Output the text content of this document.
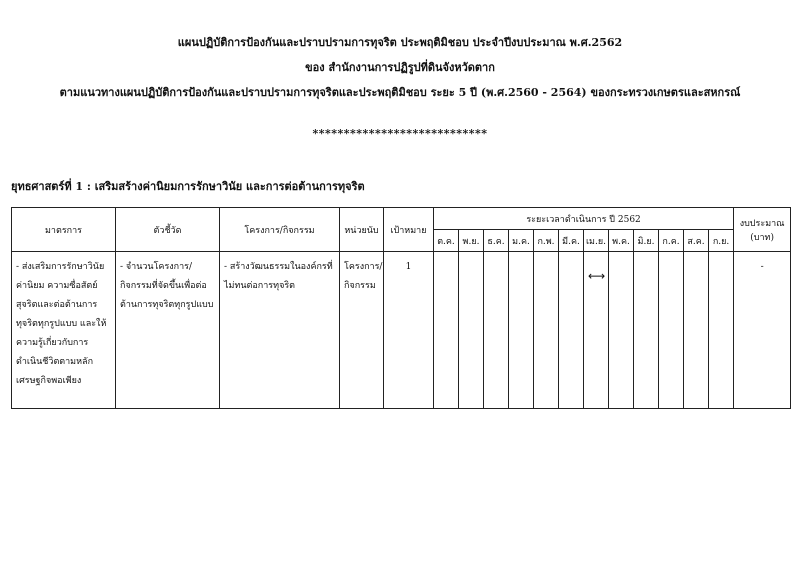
แผนปฏิบัติการป้องกันและปราบปรามการทุจริต ประพฤติมิชอบ ประจำปีงบประมาณ พ.ศ.2562
ของ สำนักงานการปฏิรูปที่ดินจังหวัดตาก
ตามแนวทางแผนปฏิบัติการป้องกันและปราบปรามการทุจริตและประพฤติมิชอบ ระยะ 5 ปี (พ.ศ.2560 - 2564) ของกระทรวงเกษตรและสหกรณ์
****************************
ยุทธศาสตร์ที่ 1 : เสริมสร้างค่านิยมการรักษาวินัย และการต่อต้านการทุจริต
มาตรการ	ตัวชี้วัด	โครงการ/กิจกรรม	หน่วยนับ	เป้าหมาย	ระยะเวลาดำเนินการ ปี 2562												งบประมาณ (บาท)
					ต.ค.	พ.ย.	ธ.ค.	ม.ค.	ก.พ.	มี.ค.	เม.ย.	พ.ค.	มิ.ย.	ก.ค.	ส.ค.	ก.ย.	
- ส่งเสริมการรักษาวินัย ค่านิยม ความซื่อสัตย์สุจริตและต่อต้านการทุจริตทุกรูปแบบ และให้ความรู้เกี่ยวกับการดำเนินชีวิตตามหลักเศรษฐกิจพอเพียง	- จำนวนโครงการ/กิจกรรมที่จัดขึ้นเพื่อต่อต้านการทุจริตทุกรูปแบบ	- สร้างวัฒนธรรมในองค์กรที่ไม่ทนต่อการทุจริต	โครงการ/กิจกรรม	1							⟷						-
